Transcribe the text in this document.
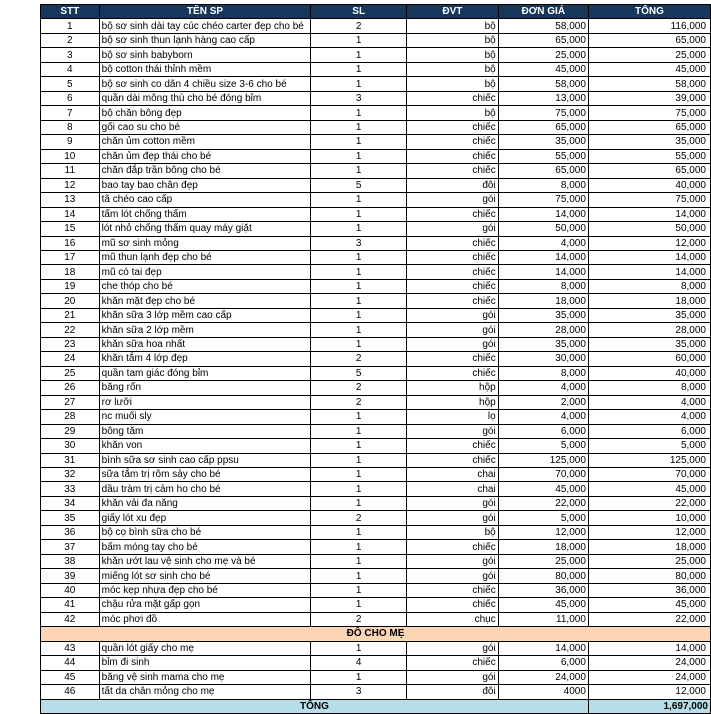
STT	TÊN SP	SL	ĐVT	ĐƠN GIÁ	TỔNG
1	bộ sơ sinh dài tay cúc chéo carter đẹp cho bé	2	bộ	58,000	116,000
2	bộ sơ sinh thun lạnh hàng cao cấp	1	bộ	65,000	65,000
3	bộ sơ sinh babyborn	1	bộ	25,000	25,000
4	bộ cotton thái thỉnh mềm	1	bộ	45,000	45,000
5	bộ sơ sinh co dãn 4 chiều size 3-6 cho bé	1	bộ	58,000	58,000
6	quần dài mông thú cho bé đóng bỉm	3	chiếc	13,000	39,000
7	bộ chăn bông đẹp	1	bộ	75,000	75,000
8	gối cao su cho bé	1	chiếc	65,000	65,000
9	chăn ủm cotton mềm	1	chiếc	35,000	35,000
10	chăn ủm đẹp thái cho bé	1	chiếc	55,000	55,000
11	chăn đắp trần bông cho bé	1	chiếc	65,000	65,000
12	bao tay bao chân đẹp	5	đôi	8,000	40,000
13	tã chéo cao cấp	1	gói	75,000	75,000
14	tấm lót chống thấm	1	chiếc	14,000	14,000
15	lót nhỏ chống thấm quay máy giặt	1	gói	50,000	50,000
16	mũ sơ sinh mỏng	3	chiếc	4,000	12,000
17	mũ thun lạnh đẹp cho bé	1	chiếc	14,000	14,000
18	mũ có tai đẹp	1	chiếc	14,000	14,000
19	che thóp cho bé	1	chiếc	8,000	8,000
20	khăn mặt đẹp cho bé	1	chiếc	18,000	18,000
21	khăn sữa 3 lớp mềm cao cấp	1	gói	35,000	35,000
22	khăn sữa 2 lớp mềm	1	gói	28,000	28,000
23	khăn sữa hoa nhất	1	gói	35,000	35,000
24	khăn tắm 4 lớp đẹp	2	chiếc	30,000	60,000
25	quần tam giác đóng bỉm	5	chiếc	8,000	40,000
26	băng rốn	2	hộp	4,000	8,000
27	rơ lưỡi	2	hộp	2,000	4,000
28	nc muối sly	1	lọ	4,000	4,000
29	bông tăm	1	gói	6,000	6,000
30	khăn von	1	chiếc	5,000	5,000
31	bình sữa sơ sinh cao cấp ppsu	1	chiếc	125,000	125,000
32	sữa tắm trị rôm sảy cho bé	1	chai	70,000	70,000
33	dầu tràm trị cảm ho cho bé	1	chai	45,000	45,000
34	khăn vải đa năng	1	gói	22,000	22,000
35	giấy lót xu đẹp	2	gói	5,000	10,000
36	bộ cọ bình sữa cho bé	1	bộ	12,000	12,000
37	bấm móng tay cho bé	1	chiếc	18,000	18,000
38	khăn ướt lau vệ sinh cho mẹ và bé	1	gói	25,000	25,000
39	miếng lót sơ sinh cho bé	1	gói	80,000	80,000
40	móc kẹp nhựa đẹp cho bé	1	chiếc	36,000	36,000
41	chậu rửa mặt gấp gọn	1	chiếc	45,000	45,000
42	móc phơi đồ	2	chục	11,000	22,000
ĐỒ CHO MẸ					
43	quần lót giấy cho mẹ	1	gói	14,000	14,000
44	bỉm đi sinh	4	chiếc	6,000	24,000
45	băng vệ sinh mama cho mẹ	1	gói	24,000	24,000
46	tất da chân mỏng cho mẹ	3	đôi	4000	12,000
TỔNG					1,697,000
